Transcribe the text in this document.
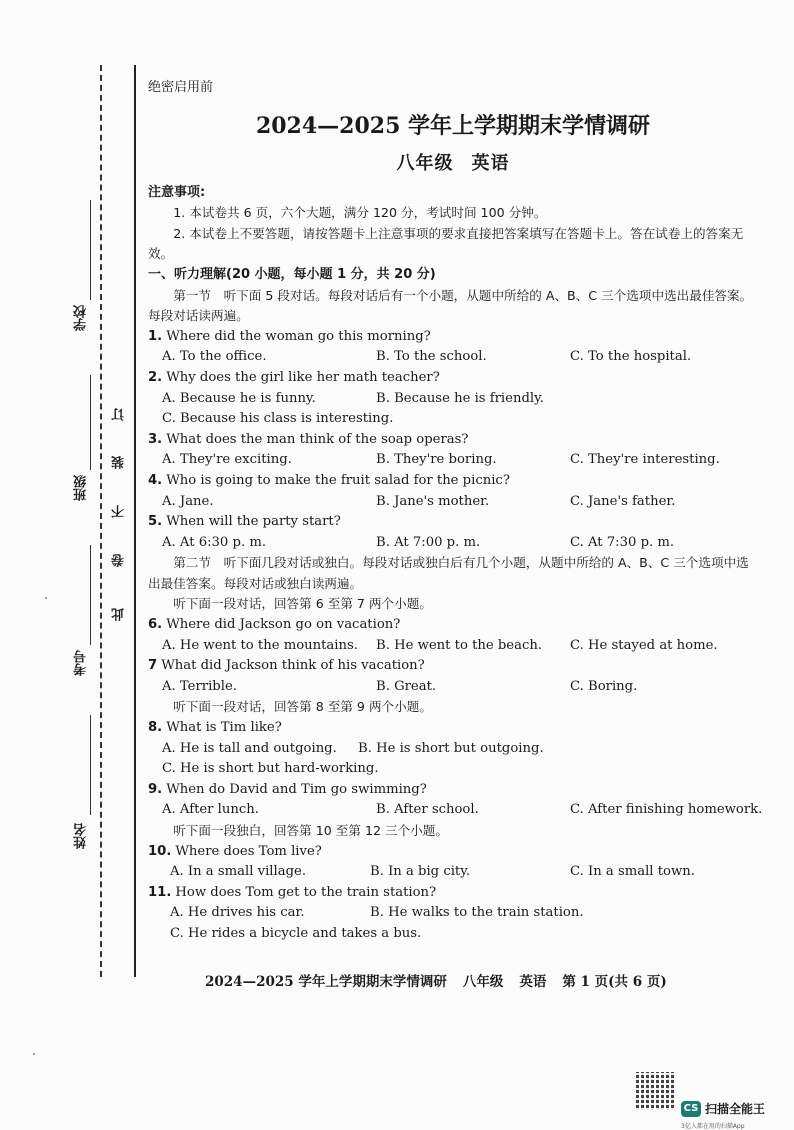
学校
班级
考号
姓名
此
卷
不
装
订
绝密启用前
2024—2025 学年上学期期末学情调研
八年级 英语
注意事项:
1. 本试卷共 6 页，六个大题，满分 120 分，考试时间 100 分钟。
2. 本试卷上不要答题，请按答题卡上注意事项的要求直接把答案填写在答题卡上。答在试卷上的答案无效。
一、听力理解(20 小题，每小题 1 分，共 20 分)
第一节　听下面 5 段对话。每段对话后有一个小题，从题中所给的 A、B、C 三个选项中选出最佳答案。每段对话读两遍。
1. Where did the woman go this morning?
A. To the office.	B. To the school.	C. To the hospital.
2. Why does the girl like her math teacher?
A. Because he is funny.	B. Because he is friendly.
C. Because his class is interesting.
3. What does the man think of the soap operas?
A. They're exciting.	B. They're boring.	C. They're interesting.
4. Who is going to make the fruit salad for the picnic?
A. Jane.	B. Jane's mother.	C. Jane's father.
5. When will the party start?
A. At 6:30 p. m.	B. At 7:00 p. m.	C. At 7:30 p. m.
第二节　听下面几段对话或独白。每段对话或独白后有几个小题，从题中所给的 A、B、C 三个选项中选出最佳答案。每段对话或独白读两遍。
听下面一段对话，回答第 6 至第 7 两个小题。
6. Where did Jackson go on vacation?
A. He went to the mountains. B. He went to the beach. C. He stayed at home.
7 What did Jackson think of his vacation?
A. Terrible.	B. Great.	C. Boring.
听下面一段对话，回答第 8 至第 9 两个小题。
8. What is Tim like?
A. He is tall and outgoing. B. He is short but outgoing.
C. He is short but hard-working.
9. When do David and Tim go swimming?
A. After lunch.	B. After school.	C. After finishing homework.
听下面一段独白，回答第 10 至第 12 三个小题。
10. Where does Tom live?
A. In a small village.	B. In a big city.	C. In a small town.
11. How does Tom get to the train station?
A. He drives his car.	B. He walks to the train station.
C. He rides a bicycle and takes a bus.
2024—2025 学年上学期期末学情调研 八年级 英语 第 1 页(共 6 页)
CS 扫描全能王
3亿人都在用的扫描App
